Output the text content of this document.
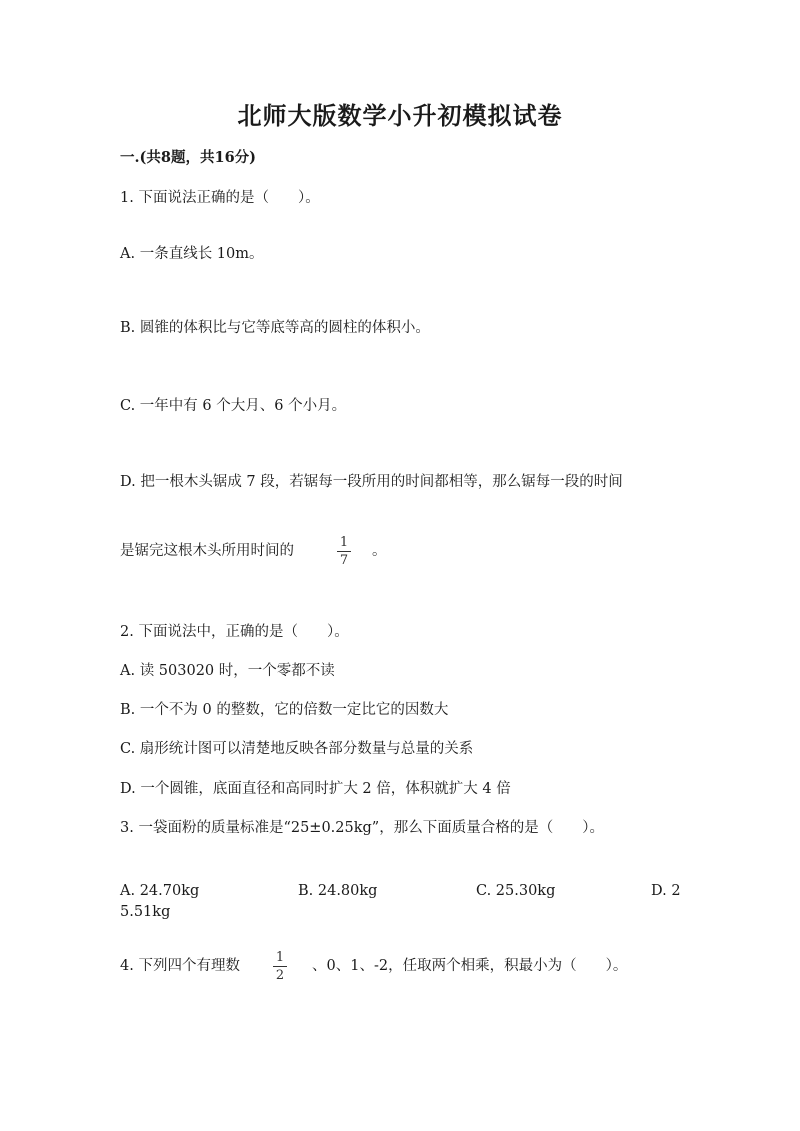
北师大版数学小升初模拟试卷
一.(共8题，共16分)
1. 下面说法正确的是（　　）。
A. 一条直线长 10m。
B. 圆锥的体积比与它等底等高的圆柱的体积小。
C. 一年中有 6 个大月、6 个小月。
D. 把一根木头锯成 7 段，若锯每一段所用的时间都相等，那么锯每一段的时间
是锯完这根木头所用时间的
1
7
。
2. 下面说法中，正确的是（　　）。
A. 读 503020 时，一个零都不读
B. 一个不为 0 的整数，它的倍数一定比它的因数大
C. 扇形统计图可以清楚地反映各部分数量与总量的关系
D. 一个圆锥，底面直径和高同时扩大 2 倍，体积就扩大 4 倍
3. 一袋面粉的质量标准是“25±0.25kg”，那么下面质量合格的是（　　）。
A. 24.70kg	B. 24.80kg	C. 25.30kg	D. 2
5.51kg
4. 下列四个有理数
1
2
、0、1、-2，任取两个相乘，积最小为（　　）。
